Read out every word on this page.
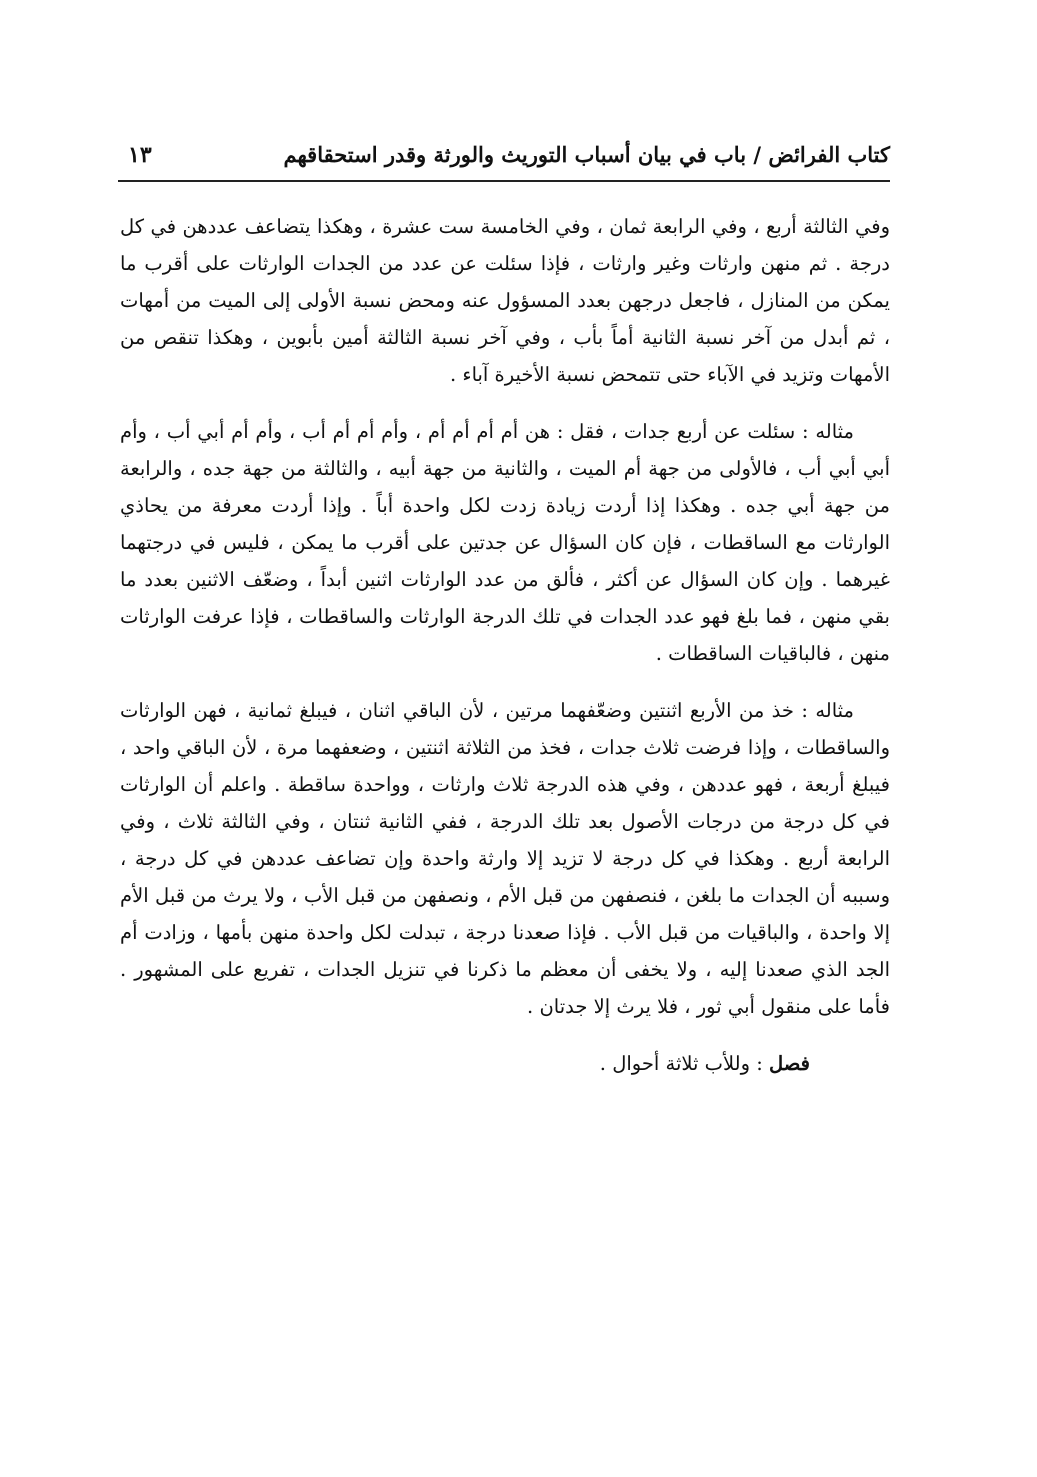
كتاب الفرائض / باب في بيان أسباب التوريث والورثة وقدر استحقاقهم
١٣

وفي الثالثة أربع ، وفي الرابعة ثمان ، وفي الخامسة ست عشرة ، وهكذا يتضاعف عددهن في كل درجة . ثم منهن وارثات وغير وارثات ، فإذا سئلت عن عدد من الجدات الوارثات على أقرب ما يمكن من المنازل ، فاجعل درجهن بعدد المسؤول عنه ومحض نسبة الأولى إلى الميت من أمهات ، ثم أبدل من آخر نسبة الثانية أماً بأب ، وفي آخر نسبة الثالثة أمين بأبوين ، وهكذا تنقص من الأمهات وتزيد في الآباء حتى تتمحض نسبة الأخيرة آباء .

مثاله : سئلت عن أربع جدات ، فقل : هن أم أم أم أم ، وأم أم أم أب ، وأم أم أبي أب ، وأم أبي أبي أب ، فالأولى من جهة أم الميت ، والثانية من جهة أبيه ، والثالثة من جهة جده ، والرابعة من جهة أبي جده . وهكذا إذا أردت زيادة زدت لكل واحدة أباً . وإذا أردت معرفة من يحاذي الوارثات مع الساقطات ، فإن كان السؤال عن جدتين على أقرب ما يمكن ، فليس في درجتهما غيرهما . وإن كان السؤال عن أكثر ، فألق من عدد الوارثات اثنين أبداً ، وضعّف الاثنين بعدد ما بقي منهن ، فما بلغ فهو عدد الجدات في تلك الدرجة الوارثات والساقطات ، فإذا عرفت الوارثات منهن ، فالباقيات الساقطات .

مثاله : خذ من الأربع اثنتين وضعّفهما مرتين ، لأن الباقي اثنان ، فيبلغ ثمانية ، فهن الوارثات والساقطات ، وإذا فرضت ثلاث جدات ، فخذ من الثلاثة اثنتين ، وضعفهما مرة ، لأن الباقي واحد ، فيبلغ أربعة ، فهو عددهن ، وفي هذه الدرجة ثلاث وارثات ، وواحدة ساقطة . واعلم أن الوارثات في كل درجة من درجات الأصول بعد تلك الدرجة ، ففي الثانية ثنتان ، وفي الثالثة ثلاث ، وفي الرابعة أربع . وهكذا في كل درجة لا تزيد إلا وارثة واحدة وإن تضاعف عددهن في كل درجة ، وسببه أن الجدات ما بلغن ، فنصفهن من قبل الأم ، ونصفهن من قبل الأب ، ولا يرث من قبل الأم إلا واحدة ، والباقيات من قبل الأب . فإذا صعدنا درجة ، تبدلت لكل واحدة منهن بأمها ، وزادت أم الجد الذي صعدنا إليه ، ولا يخفى أن معظم ما ذكرنا في تنزيل الجدات ، تفريع على المشهور . فأما على منقول أبي ثور ، فلا يرث إلا جدتان .

فصل : وللأب ثلاثة أحوال .
